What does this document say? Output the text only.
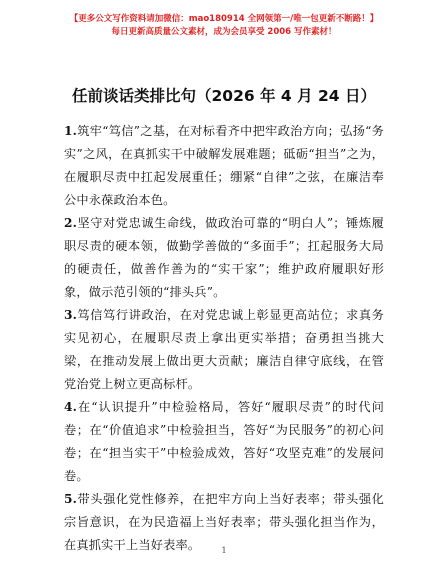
【更多公文写作资料请加微信：mao180914 全网领第一/唯一包更新不断路！】
每日更新高质量公文素材，成为会员享受 2006 写作素材！
任前谈话类排比句（2026 年 4 月 24 日）

1.筑牢“笃信”之基，在对标看齐中把牢政治方向；弘扬“务实”之风，在真抓实干中破解发展难题；砥砺“担当”之为，在履职尽责中扛起发展重任；绷紧“自律”之弦，在廉洁奉公中永葆政治本色。

2.坚守对党忠诚生命线，做政治可靠的“明白人”；锤炼履职尽责的硬本领，做勤学善做的“多面手”；扛起服务大局的硬责任，做善作善为的“实干家”；维护政府履职好形象，做示范引领的“排头兵”。

3.笃信笃行讲政治，在对党忠诚上彰显更高站位；求真务实见初心，在履职尽责上拿出更实举措；奋勇担当挑大梁，在推动发展上做出更大贡献；廉洁自律守底线，在管党治党上树立更高标杆。

4.在“认识提升”中检验格局，答好“履职尽责”的时代问卷；在“价值追求”中检验担当，答好“为民服务”的初心问卷；在“担当实干”中检验成效，答好“攻坚克难”的发展问卷。

5.带头强化党性修养，在把牢方向上当好表率；带头强化宗旨意识，在为民造福上当好表率；带头强化担当作为，在真抓实干上当好表率。	1
